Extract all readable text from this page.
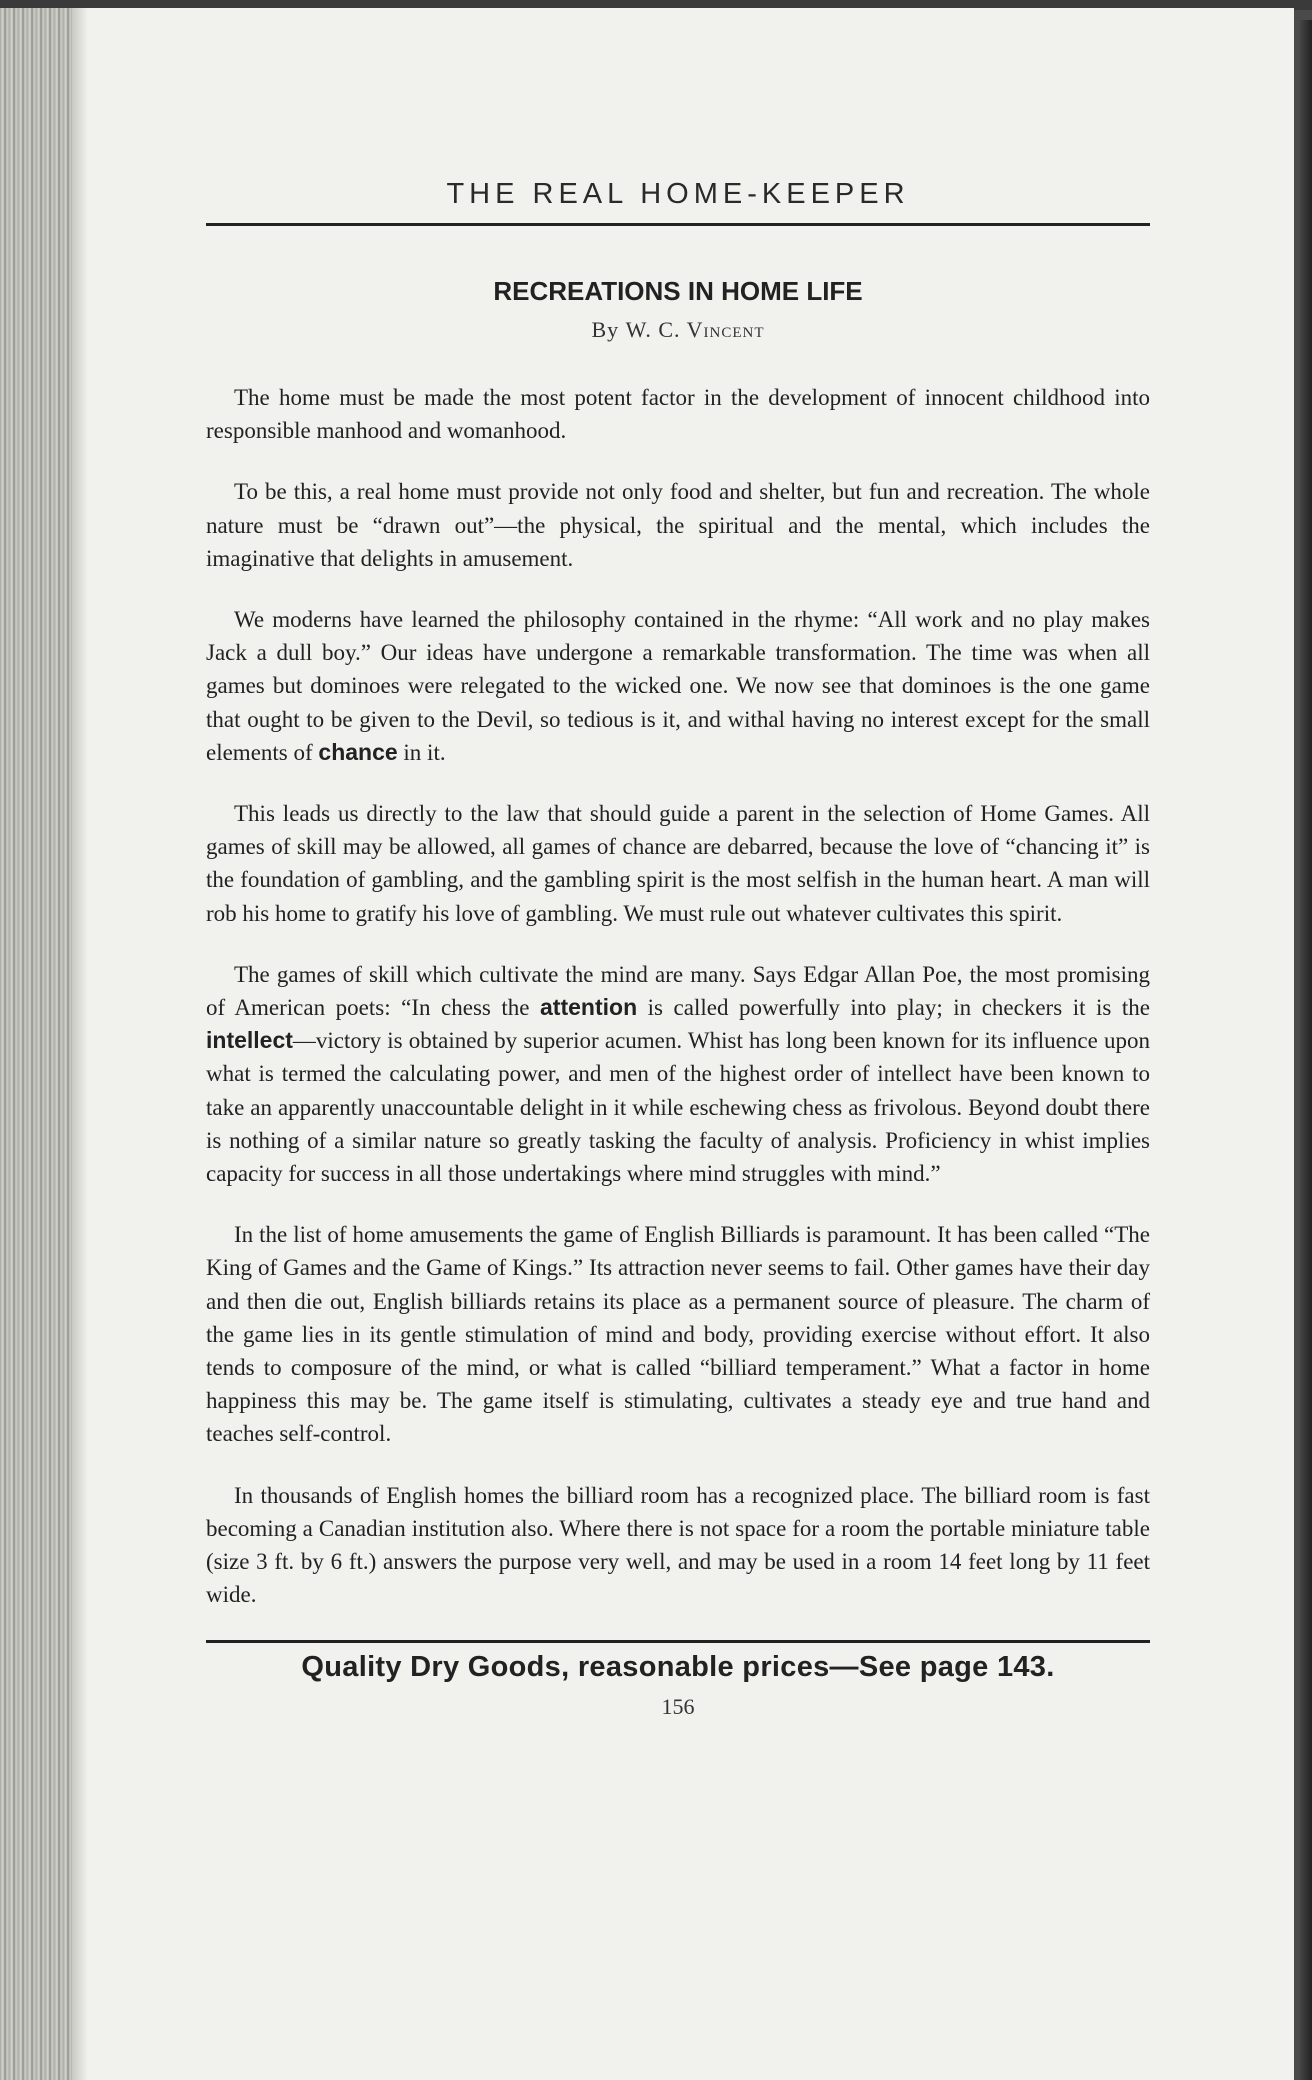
THE REAL HOME-KEEPER
RECREATIONS IN HOME LIFE
By W. C. Vincent

The home must be made the most potent factor in the development of innocent childhood into responsible manhood and womanhood.

To be this, a real home must provide not only food and shelter, but fun and recreation. The whole nature must be “drawn out”—the physical, the spiritual and the mental, which includes the imaginative that delights in amusement.

We moderns have learned the philosophy contained in the rhyme: “All work and no play makes Jack a dull boy.” Our ideas have undergone a remarkable transformation. The time was when all games but dominoes were relegated to the wicked one. We now see that dominoes is the one game that ought to be given to the Devil, so tedious is it, and withal having no interest except for the small elements of chance in it.

This leads us directly to the law that should guide a parent in the selection of Home Games. All games of skill may be allowed, all games of chance are debarred, because the love of “chancing it” is the foundation of gambling, and the gambling spirit is the most selfish in the human heart. A man will rob his home to gratify his love of gambling. We must rule out whatever cultivates this spirit.

The games of skill which cultivate the mind are many. Says Edgar Allan Poe, the most promising of American poets: “In chess the attention is called powerfully into play; in checkers it is the intellect—victory is obtained by superior acumen. Whist has long been known for its influence upon what is termed the calculating power, and men of the highest order of intellect have been known to take an apparently unaccountable delight in it while eschewing chess as frivolous. Beyond doubt there is nothing of a similar nature so greatly tasking the faculty of analysis. Proficiency in whist implies capacity for success in all those undertakings where mind struggles with mind.”

In the list of home amusements the game of English Billiards is paramount. It has been called “The King of Games and the Game of Kings.” Its attraction never seems to fail. Other games have their day and then die out, English billiards retains its place as a permanent source of pleasure. The charm of the game lies in its gentle stimulation of mind and body, providing exercise without effort. It also tends to composure of the mind, or what is called “billiard temperament.” What a factor in home happiness this may be. The game itself is stimulating, cultivates a steady eye and true hand and teaches self-control.

In thousands of English homes the billiard room has a recognized place. The billiard room is fast becoming a Canadian institution also. Where there is not space for a room the portable miniature table (size 3 ft. by 6 ft.) answers the purpose very well, and may be used in a room 14 feet long by 11 feet wide.

Quality Dry Goods, reasonable prices—See page 143.
156
